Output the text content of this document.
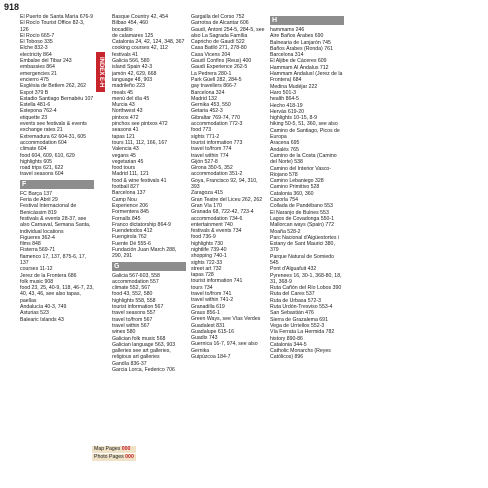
918
INDEX E-H
El Puerto de Santa María 676-9
El Rocío Tourist Office 82-3, 126
El Rocío 665-7
El Toboso 335
Elche 832-3
electricity 864
Embalse del Tibar 243
embassies 864
emergencies 21
encierro 475
Església de Betlem 262, 262
Espot 379 B
Estadio Santiago Bernabéu 107
Estella 481-6
Estepona 762-4
etiquette 23
events see festivals & events
exchange rates 21
Extremadura 62 604-31, 605
accommodation 604
climate 604
food 604, 609, 610, 629
highlights 605
road trips 621, 622
travel seasons 604
F
FC Barça 137
Feria de Abril 29
Festival Internacional de Benicàssim 819
festivals & events 28-37, see also Carnaval, Semana Santa, individual locations
Figueres 362-4
films 848
Fisterra 569-71
flamenco 17, 137, 875-6, 17, 137
courses 11-12
Jerez de la Frontera 686
folk music 908
food 23, 25, 40-9, 118, 46-7, 23, 40, 43, 46, see also tapas, paellas
Andalucía 40-3, 749
Asturias 523
Balearic Islands 43
Basque Country 42, 454
Bilbao 454, 460
bocadillo
de calamares 125
Catalonia 24, 42, 124, 348, 367
cooking courses 42, 112
festivals 41
Galicia 566, 580
island Spain 42-3
jamón 42, 629, 668
language 48, 903
madrileño 223
meals 45
menú del día 45
Murcia 43
Northwest 43
pintxos 472
pinchos see pintxos 472
seasons 41
tapas 121
tours 111, 112, 166, 167
Valencia 43
vegans 45
vegetarian 45
food tours
Madrid 111, 121
food & wine festivals 41
football 827
Barcelona 137
Camp Nou
Experience 206
Formentera 845
Fornalls 845
Franco dictatorship 864-9
Fuendetodos 412
Fuengirola 762
Fuente Dé 555-6
Fundación Juan March 288, 290, 291
G
Galicia 567-603, 558
accommodation 557
climate 552, 567
food 43, 552, 580
highlights 558, 558
tourist information 567
travel seasons 557
travel to/from 567
travel within 567
wines 580
Galician folk music 568
Galician language 563, 903
galleries see art galleries, religious art galleries
Gandía 836-37
Garcia Lorca, Federico 706
Gargalla del Corso 752
Garrotxa de Alcantar 606
Gaudí, Antoni 254-5, 284-5, see also La Sagrada Família
Capricho de Gaudí 522
Casa Batlló 271, 278-80
Casa Vicens 204
Gaudí Confins (Reus) 400
Gaudí Experience 262-5
La Pedrera 280-1
Park Güell 282, 284-5
gay travellers 866-7
Barcelona 324
Madrid 132
Gernika 453, 550
Getaria 452-3
Gibraltar 769-74, 770
accommodation 772-3
food 773
sights 771-2
tourist information 773
travel to/from 774
travel within 774
Gijón 527-8
Girona 350-5, 352
accommodation 351-2
Goya, Francisco 92, 94, 310, 393
Zaragoza 415
Gran Teatre del Liceu 262, 262
Gran Vía 170
Granada 68, 722-42, 723-4
accommodation 734-6
entertainment 740
festivals & events 734
food 736-9
highlights 730
nightlife 739-40
shopping 740-1
sights 722-33
street art 732
tapas 728
tourist information 741
tours 734
travel to/from 741
travel within 741-2
Granadilla 619
Graus 856-1
Green Ways, see Vías Verdes
Guadalest 831
Guadalupe 615-16
Guadix 743
Guernica 16-7, 974, see also Gernika
Guipúzcoa 184-7
H
hammams 246
Aire Baños Árabes 690
Balnearia de Lanjarón 745
Baños Árabes (Ronda) 761
Barcelona 314
El Aljibe de Cáceres 609
Hammam Al Ándalus 712
Hammam Andalusí (Jerez de la Frontera) 684
Medina Mudéjar 222
Haro 501-3
health 864-5
Hecho 418-19
Hervás 619-20
highlights 10-15, 8-9
hiking 50-5, 51, 360, see also Camino de Santiago, Picos de Europa
Aracena 695
Andalés 765
Camino de la Costa (Camino del Norte) 538
Camino del Interior Vasco-Riojano 578
Camino Lebaniego 328
Camino Primitivo 528
Catalonia 360, 360
Cazorla 754
Collada de Pandébano 553
El Naranjo de Bulnes 553
Lagos de Covadonga 550-1
Mallorcan ways (Spain) 772
Moaña 528-2
Parc Nacional d'Aigüestortes i Estany de Sant Maurici 380, 379
Parque Natural de Somiedo 545
Pont d'Alguafuit 432
Pyrenees 16, 30-1, 368-80, 18, 31, 368-9
Ruta Cañón del Río Lobos 390
Ruta del Cares 537
Ruta de Urbasa 572-3
Ruta Urdón-Tresviso 553-4
San Sebastián 476
Sierra de Grazalema 691
Vega de Urriellos 552-3
Vía Ferrata La Hermida 782
history 890-86
Catalonia 344-5
Catholic Monarchs (Reyes Católicos) 896
Map Pages 000
Photo Pages 000
